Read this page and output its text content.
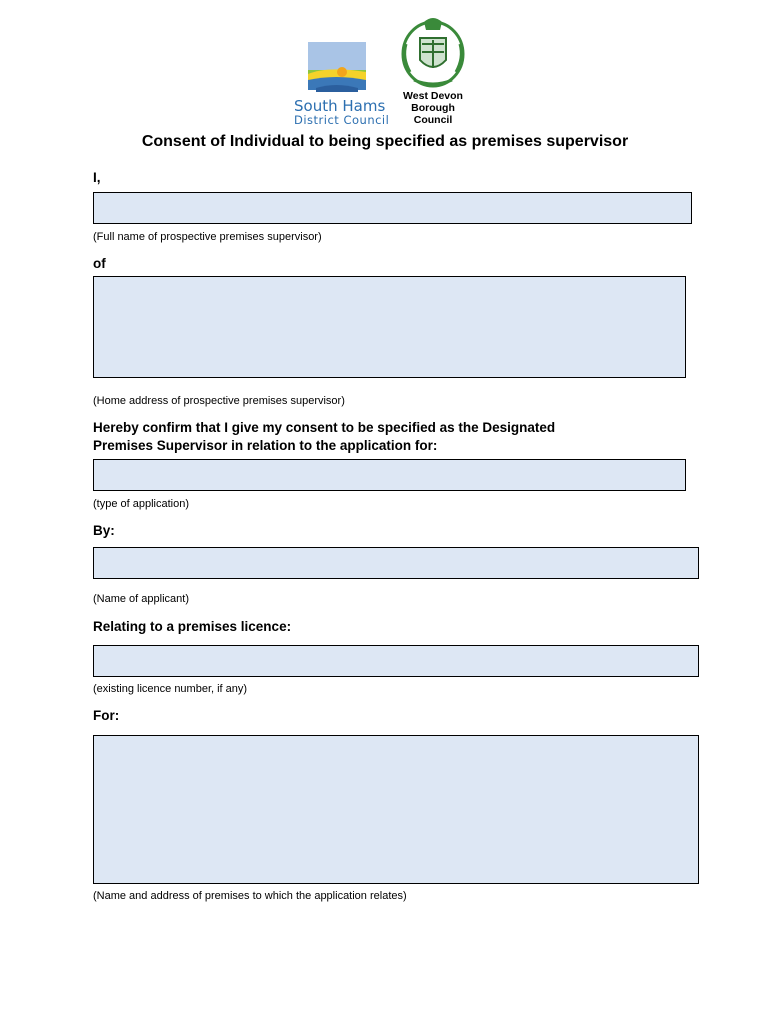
South Hams
District Council
West Devon
Borough
Council
Consent of Individual to being specified as premises supervisor
I,
(Full name of prospective premises supervisor)
of
(Home address of prospective premises supervisor)
Hereby confirm that I give my consent to be specified as the Designated
Premises Supervisor in relation to the application for:
(type of application)
By:
(Name of applicant)
Relating to a premises licence:
(existing licence number, if any)
For:
(Name and address of premises to which the application relates)
